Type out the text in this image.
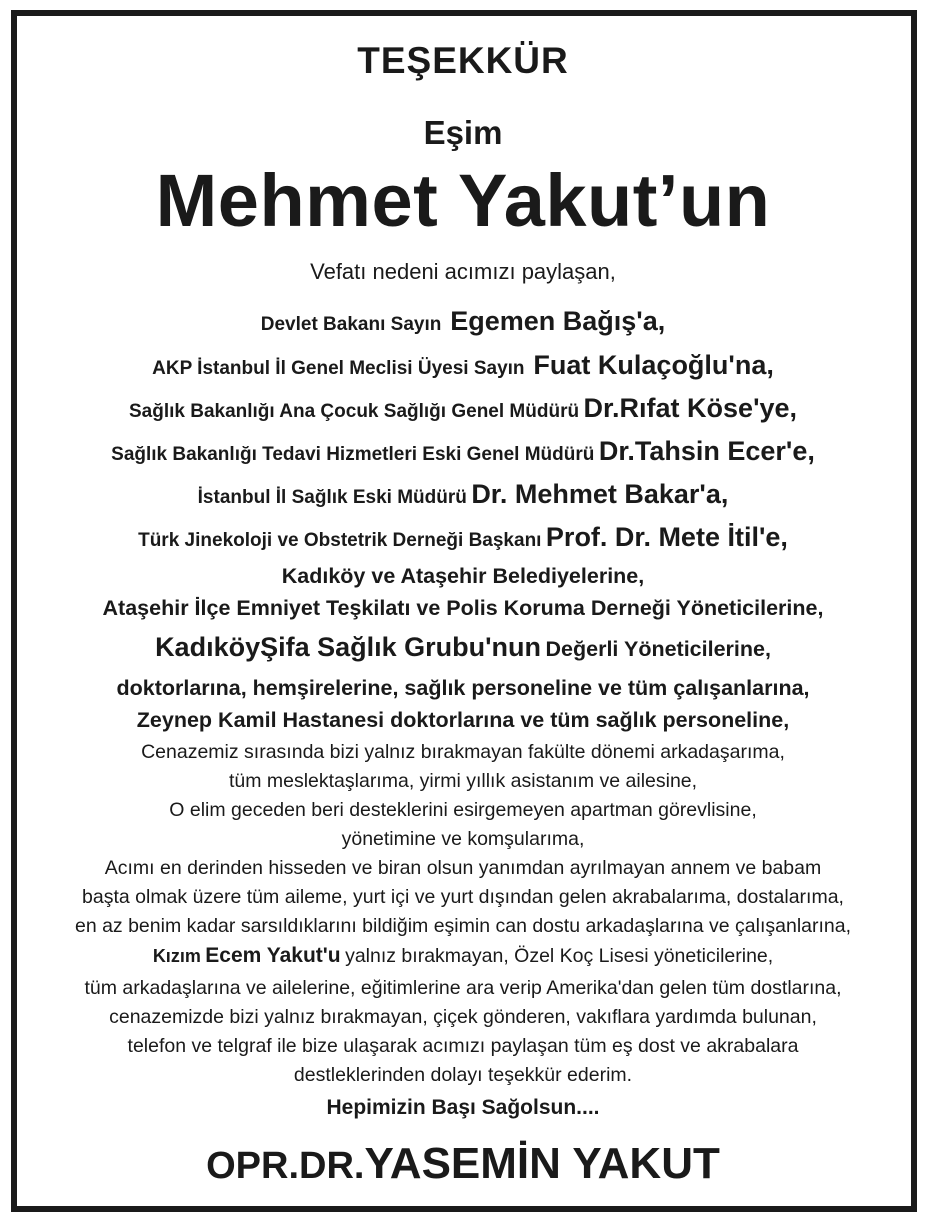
TEŞEKKÜR
Eşim
Mehmet Yakut’un
Vefatı nedeni acımızı paylaşan,
Devlet Bakanı Sayın Egemen Bağış'a,
AKP İstanbul İl Genel Meclisi Üyesi Sayın Fuat Kulaçoğlu'na,
Sağlık Bakanlığı Ana Çocuk Sağlığı Genel Müdürü Dr.Rıfat Köse'ye,
Sağlık Bakanlığı Tedavi Hizmetleri Eski Genel Müdürü Dr.Tahsin Ecer'e,
İstanbul İl Sağlık Eski Müdürü Dr. Mehmet Bakar'a,
Türk Jinekoloji ve Obstetrik Derneği Başkanı Prof. Dr. Mete İtil'e,
Kadıköy ve Ataşehir Belediyelerine,
Ataşehir İlçe Emniyet Teşkilatı ve Polis Koruma Derneği Yöneticilerine,
KadıköyŞifa Sağlık Grubu'nun Değerli Yöneticilerine,
doktorlarına, hemşirelerine, sağlık personeline ve tüm çalışanlarına,
Zeynep Kamil Hastanesi doktorlarına ve tüm sağlık personeline,
Cenazemiz sırasında bizi yalnız bırakmayan fakülte dönemi arkadaşarıma,
tüm meslektaşlarıma, yirmi yıllık asistanım ve ailesine,
O elim geceden beri desteklerini esirgemeyen apartman görevlisine,
yönetimine ve komşularıma,
Acımı en derinden hisseden ve biran olsun yanımdan ayrılmayan annem ve babam
başta olmak üzere tüm aileme, yurt içi ve yurt dışından gelen akrabalarıma, dostalarıma,
en az benim kadar sarsıldıklarını bildiğim eşimin can dostu arkadaşlarına ve çalışanlarına,
Kızım Ecem Yakut'u yalnız bırakmayan, Özel Koç Lisesi yöneticilerine,
tüm arkadaşlarına ve ailelerine, eğitimlerine ara verip Amerika'dan gelen tüm dostlarına,
cenazemizde bizi yalnız bırakmayan, çiçek gönderen, vakıflara yardımda bulunan,
telefon ve telgraf ile bize ulaşarak acımızı paylaşan tüm eş dost ve akrabalara
destleklerinden dolayı teşekkür ederim.
Hepimizin Başı Sağolsun....
OPR.DR.YASEMİN YAKUT
